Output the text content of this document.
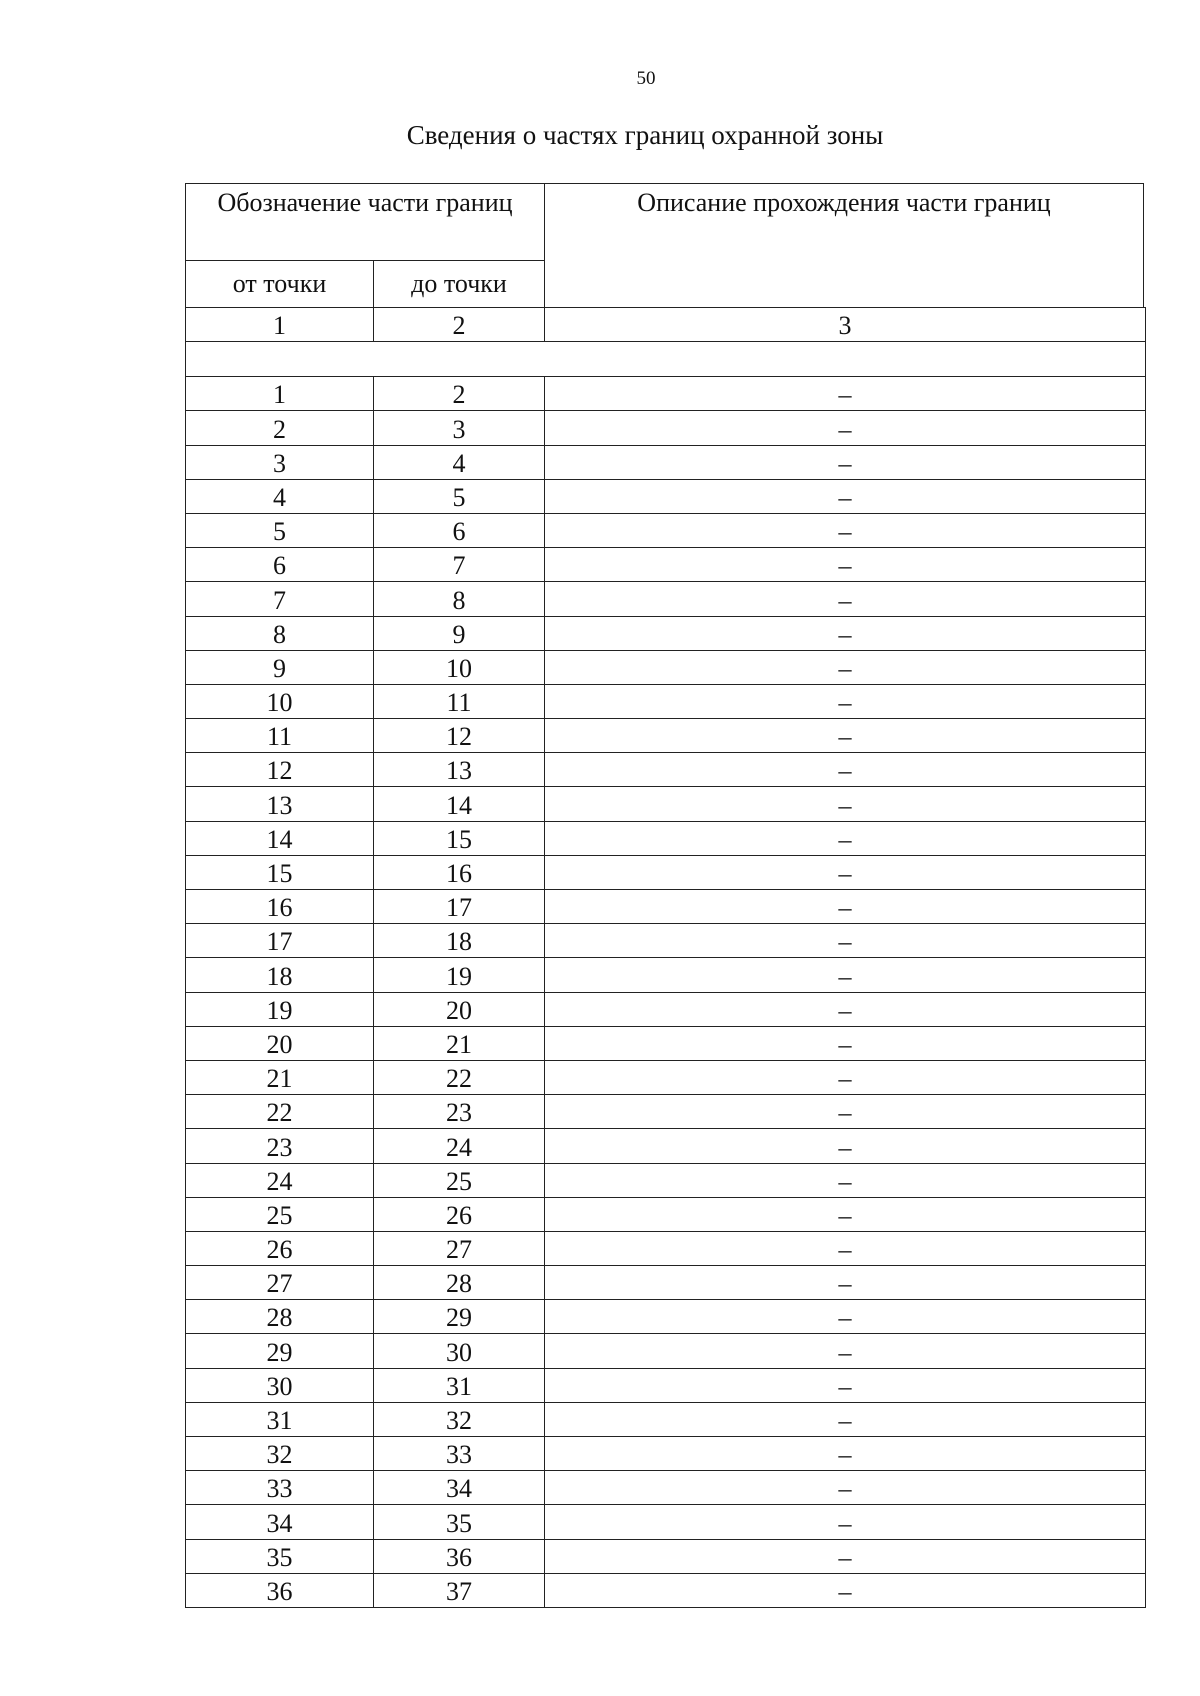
50
Сведения о частях границ охранной зоны
Обозначение части границ		Описание прохождения части границ
от точки	до точки	
1	2	3

1	2	–
2	3	–
3	4	–
4	5	–
5	6	–
6	7	–
7	8	–
8	9	–
9	10	–
10	11	–
11	12	–
12	13	–
13	14	–
14	15	–
15	16	–
16	17	–
17	18	–
18	19	–
19	20	–
20	21	–
21	22	–
22	23	–
23	24	–
24	25	–
25	26	–
26	27	–
27	28	–
28	29	–
29	30	–
30	31	–
31	32	–
32	33	–
33	34	–
34	35	–
35	36	–
36	37	–
